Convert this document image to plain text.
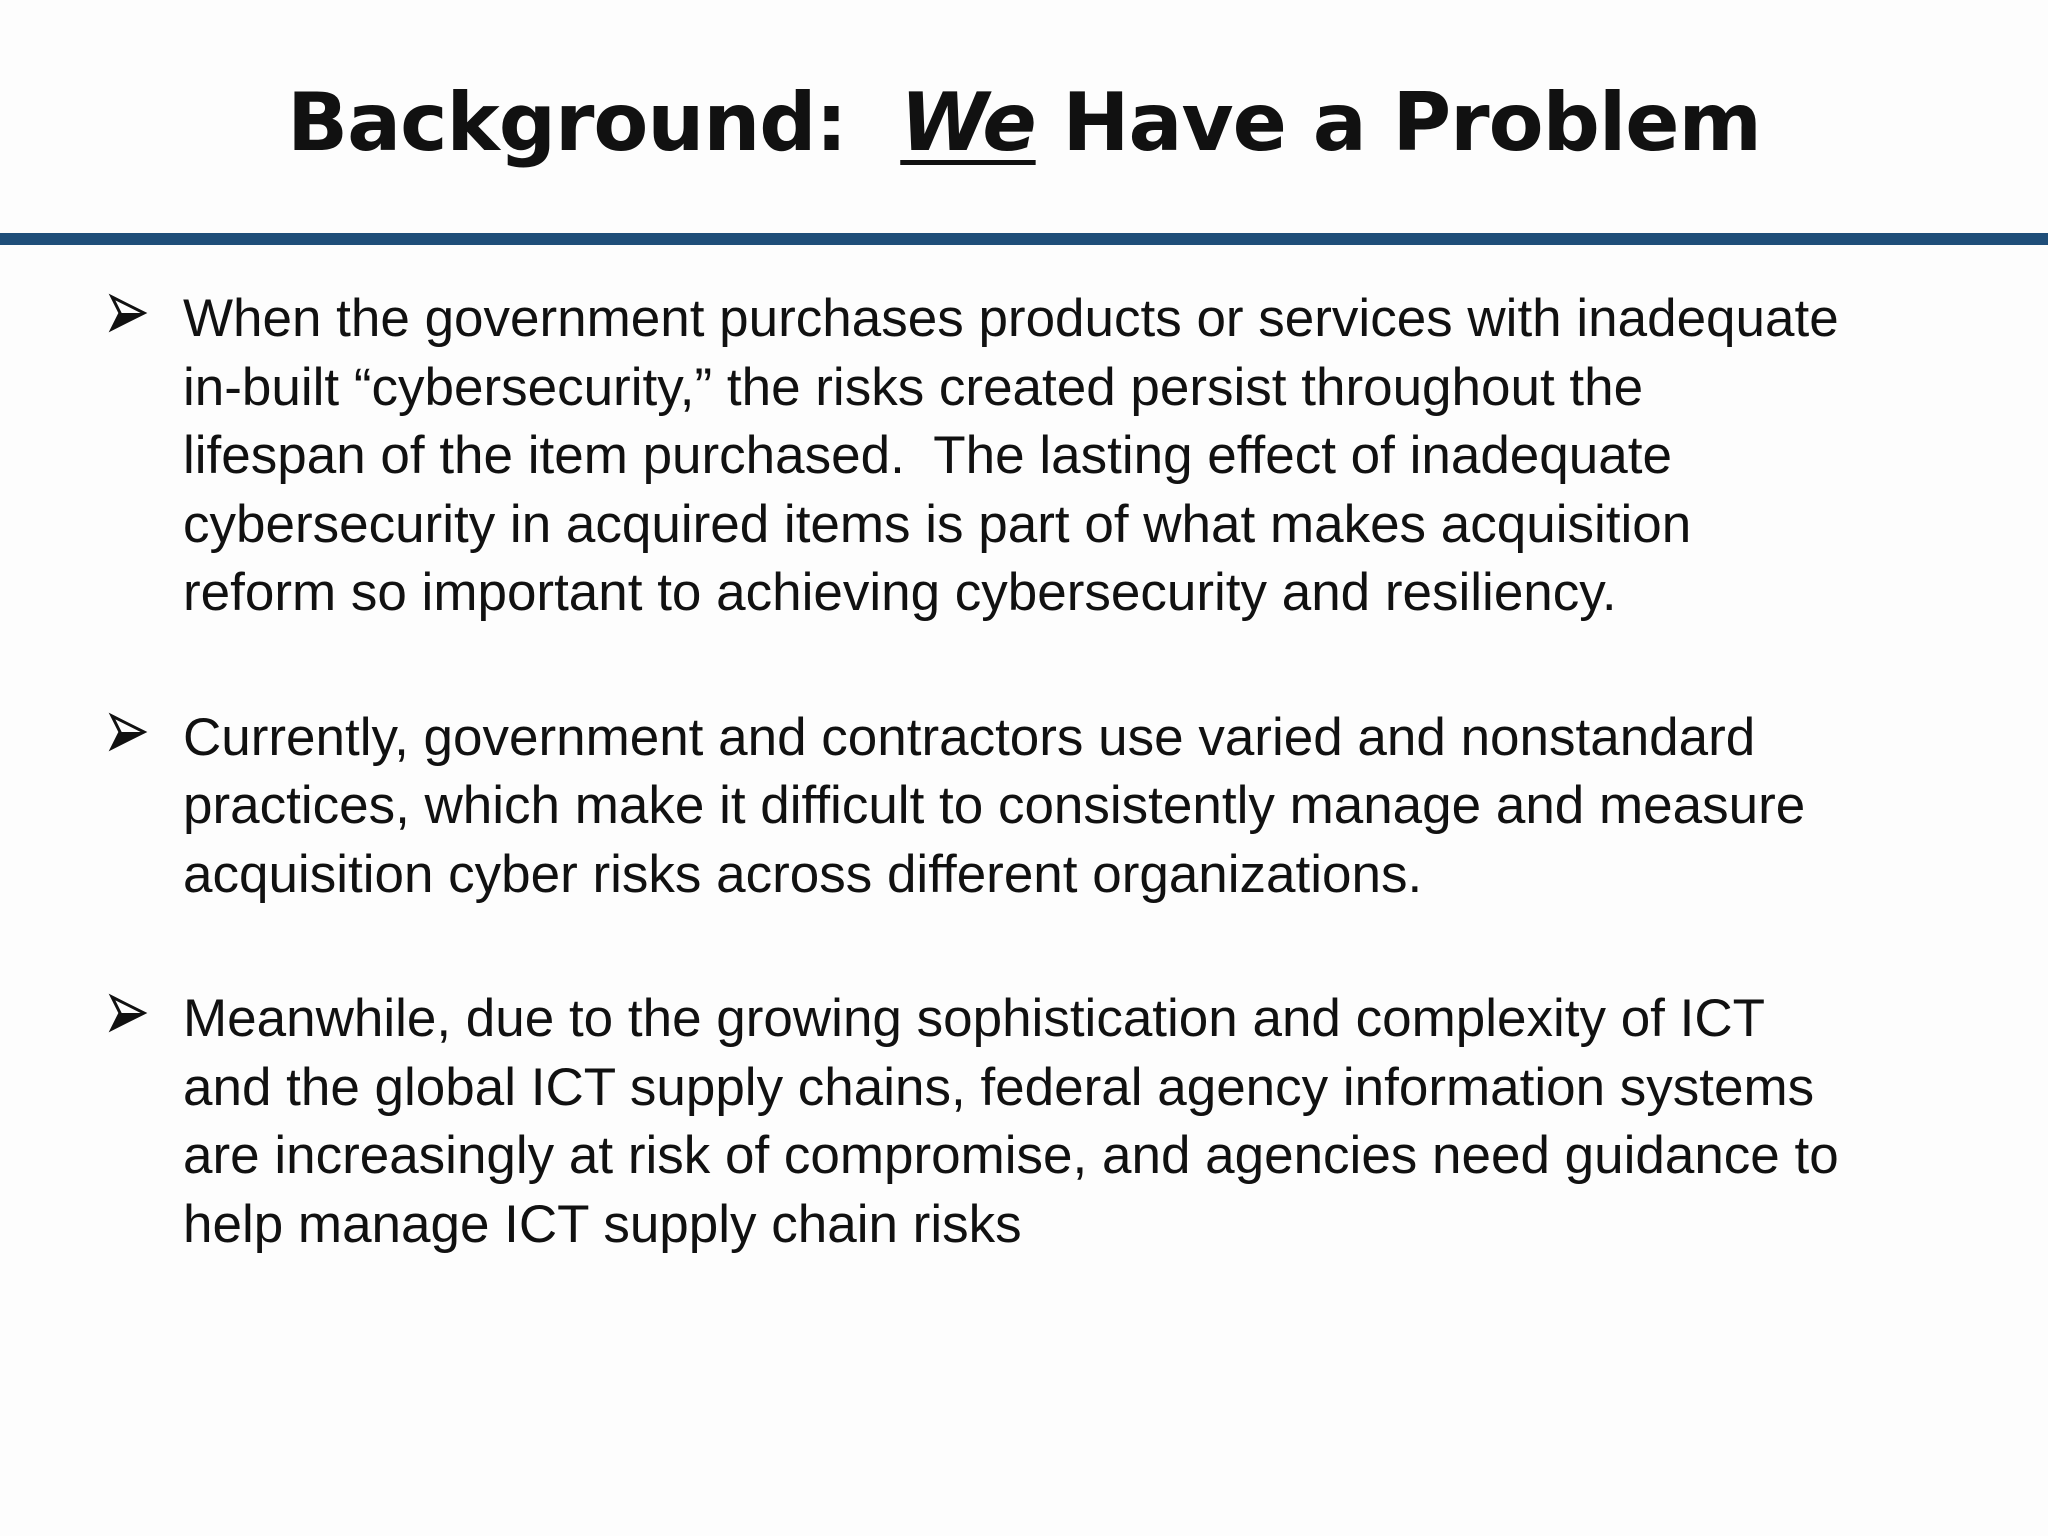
Background: We Have a Problem
When the government purchases products or services with inadequate
in-built “cybersecurity,” the risks created persist throughout the
lifespan of the item purchased.  The lasting effect of inadequate
cybersecurity in acquired items is part of what makes acquisition
reform so important to achieving cybersecurity and resiliency.
Currently, government and contractors use varied and nonstandard
practices, which make it difficult to consistently manage and measure
acquisition cyber risks across different organizations.
Meanwhile, due to the growing sophistication and complexity of ICT
and the global ICT supply chains, federal agency information systems
are increasingly at risk of compromise, and agencies need guidance to
help manage ICT supply chain risks
